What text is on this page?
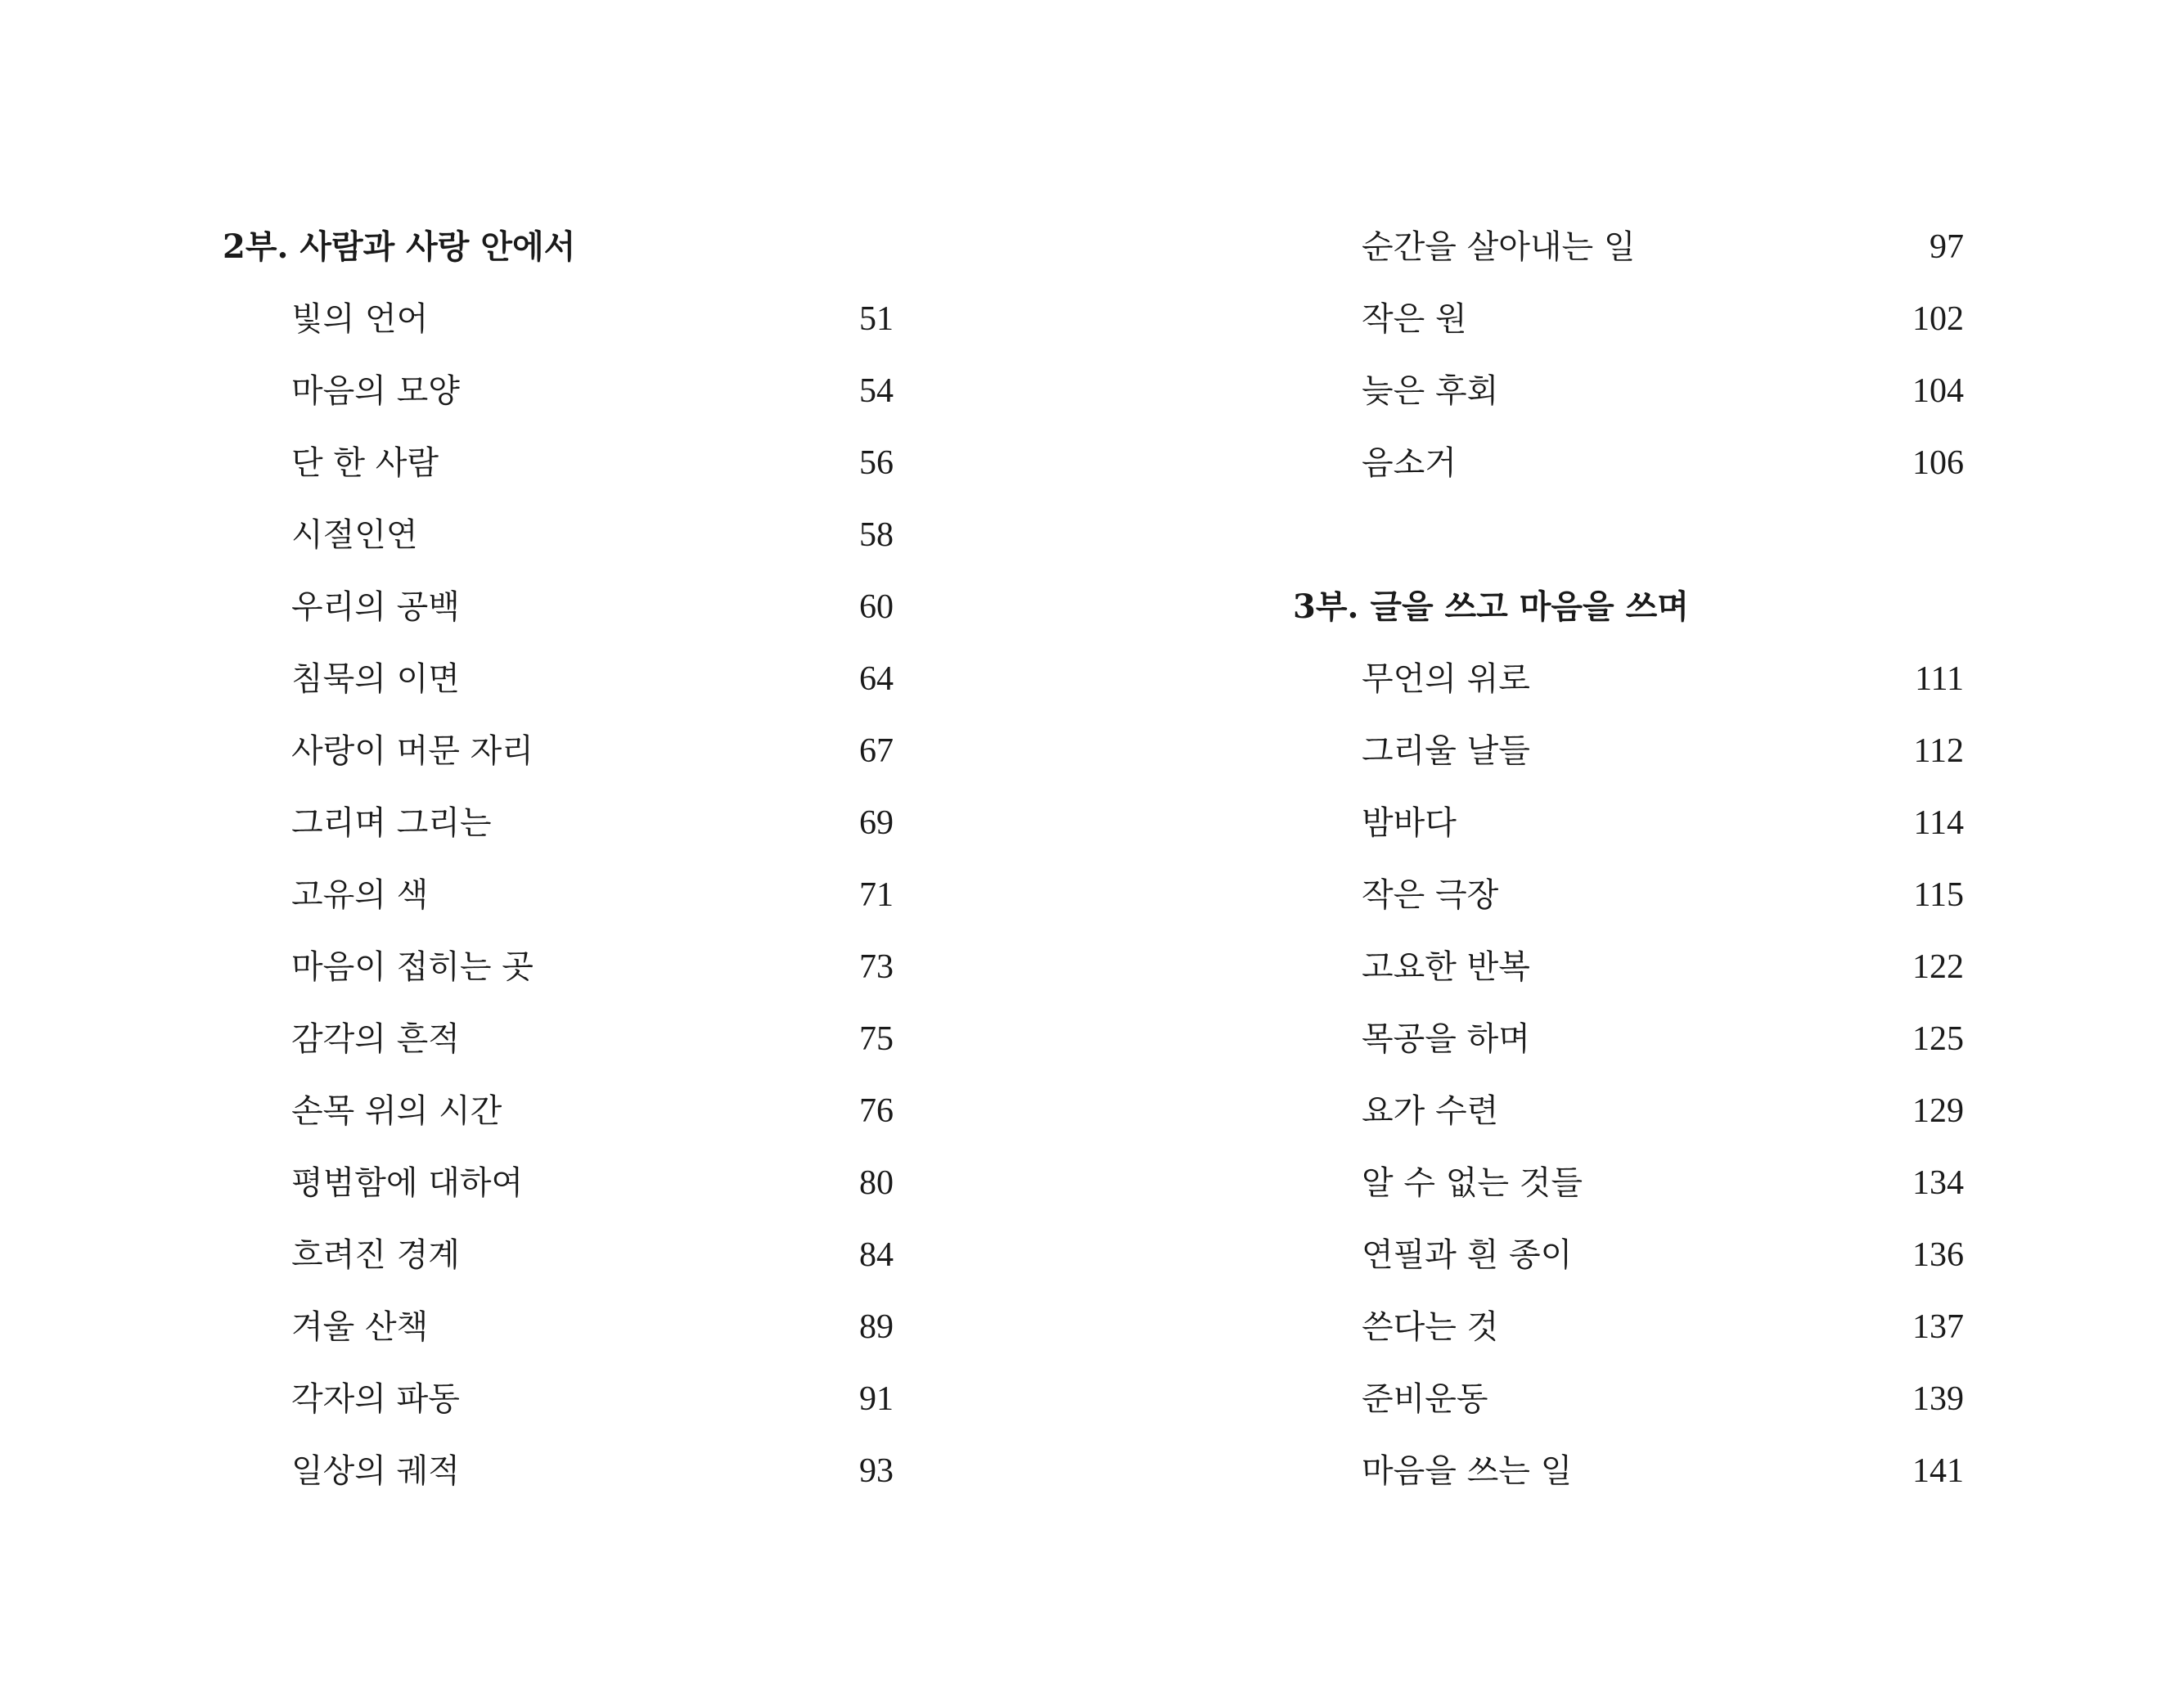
2부. 사람과 사랑 안에서
빛의 언어	51
마음의 모양	54
단 한 사람	56
시절인연	58
우리의 공백	60
침묵의 이면	64
사랑이 머문 자리	67
그리며 그리는	69
고유의 색	71
마음이 접히는 곳	73
감각의 흔적	75
손목 위의 시간	76
평범함에 대하여	80
흐려진 경계	84
겨울 산책	89
각자의 파동	91
일상의 궤적	93
순간을 살아내는 일	97
작은 원	102
늦은 후회	104
음소거	106
3부. 글을 쓰고 마음을 쓰며
무언의 위로	111
그리울 날들	112
밤바다	114
작은 극장	115
고요한 반복	122
목공을 하며	125
요가 수련	129
알 수 없는 것들	134
연필과 흰 종이	136
쓴다는 것	137
준비운동	139
마음을 쓰는 일	141
